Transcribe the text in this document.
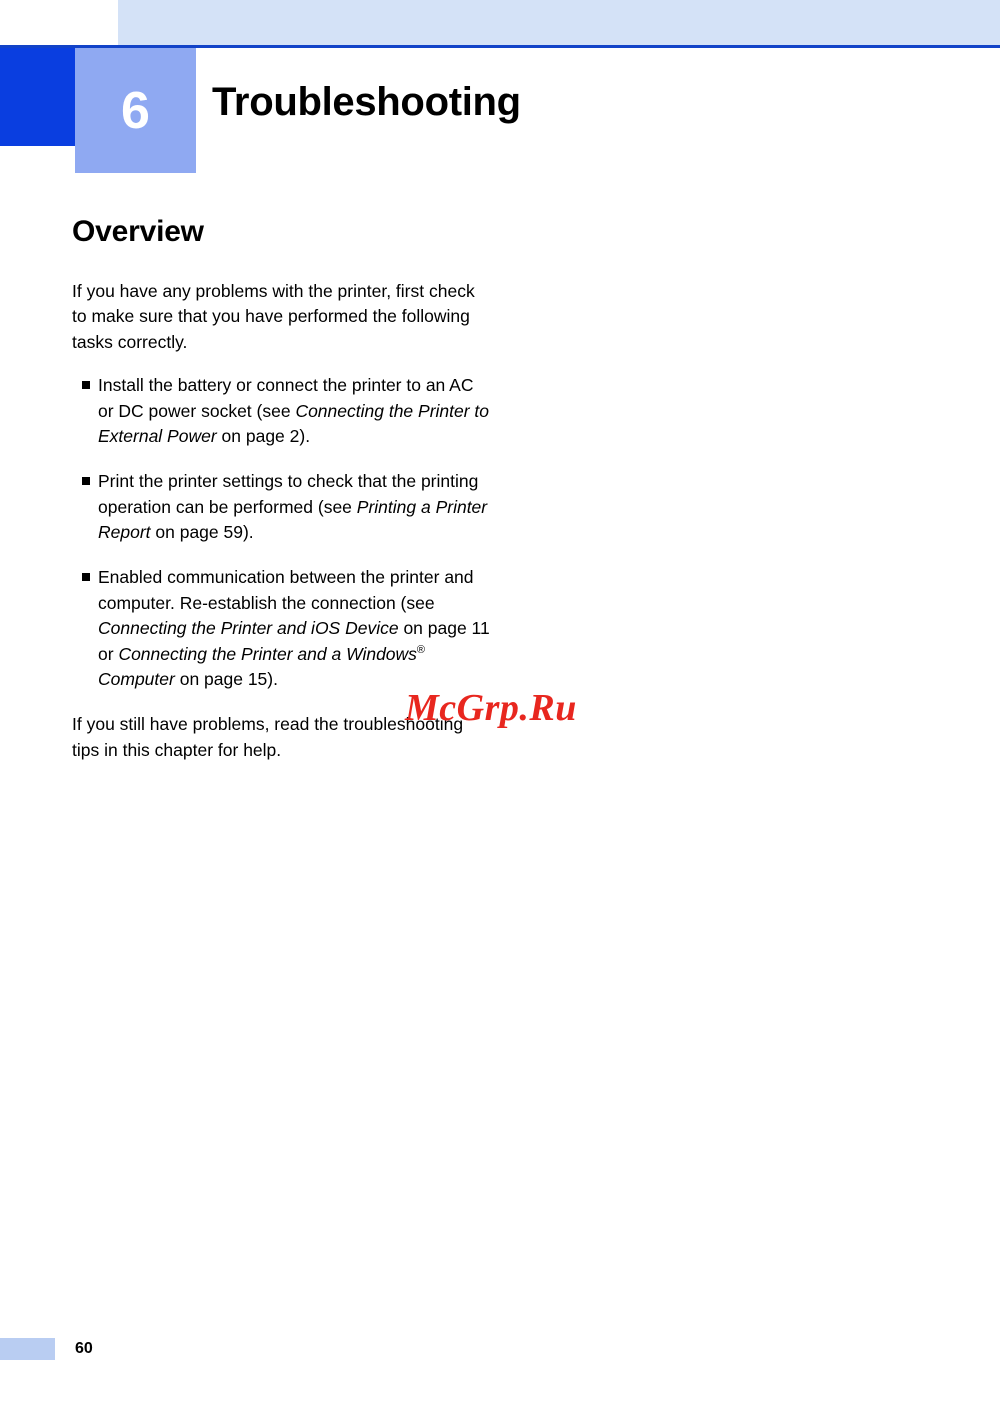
6	Troubleshooting
Overview

If you have any problems with the printer, first check to make sure that you have performed the following tasks correctly.

Install the battery or connect the printer to an AC or DC power socket (see Connecting the Printer to External Power on page 2).
Print the printer settings to check that the printing operation can be performed (see Printing a Printer Report on page 59).
Enabled communication between the printer and computer. Re-establish the connection (see Connecting the Printer and iOS Device on page 11 or Connecting the Printer and a Windows® Computer on page 15).

If you still have problems, read the troubleshooting tips in this chapter for help.

McGrp.Ru
60
